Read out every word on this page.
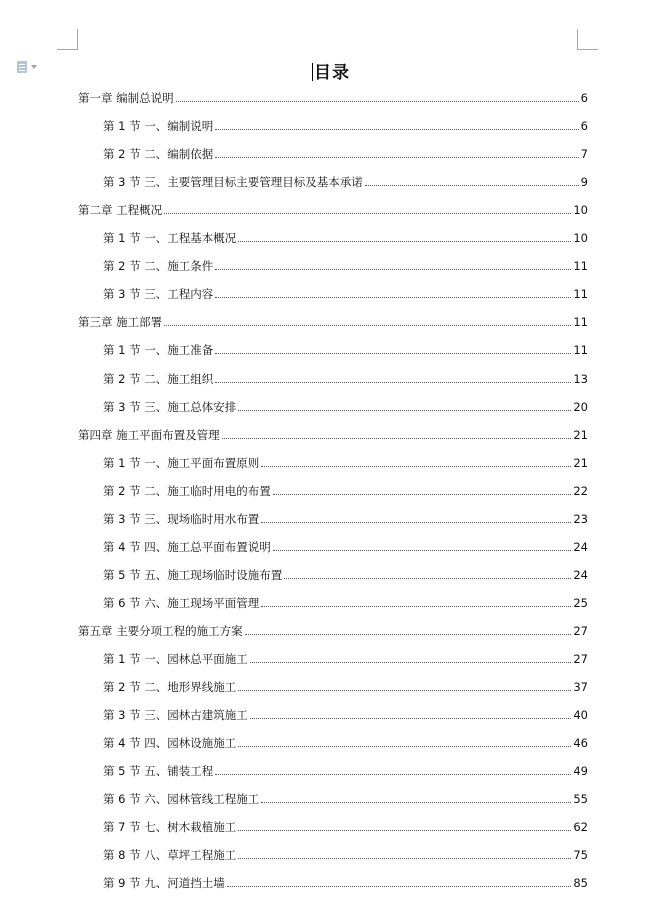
目录
第一章 编制总说明	6
第 1 节 一、编制说明	6
第 2 节 二、编制依据	7
第 3 节 三、主要管理目标主要管理目标及基本承诺	9
第二章 工程概况	10
第 1 节 一、工程基本概况	10
第 2 节 二、施工条件	11
第 3 节 三、工程内容	11
第三章 施工部署	11
第 1 节 一、施工准备	11
第 2 节 二、施工组织	13
第 3 节 三、施工总体安排	20
第四章 施工平面布置及管理	21
第 1 节 一、施工平面布置原则	21
第 2 节 二、施工临时用电的布置	22
第 3 节 三、现场临时用水布置	23
第 4 节 四、施工总平面布置说明	24
第 5 节 五、施工现场临时设施布置	24
第 6 节 六、施工现场平面管理	25
第五章 主要分项工程的施工方案	27
第 1 节 一、园林总平面施工	27
第 2 节 二、地形界线施工	37
第 3 节 三、园林古建筑施工	40
第 4 节 四、园林设施施工	46
第 5 节 五、铺装工程	49
第 6 节 六、园林管线工程施工	55
第 7 节 七、树木栽植施工	62
第 8 节 八、草坪工程施工	75
第 9 节 九、河道挡土墙	85
